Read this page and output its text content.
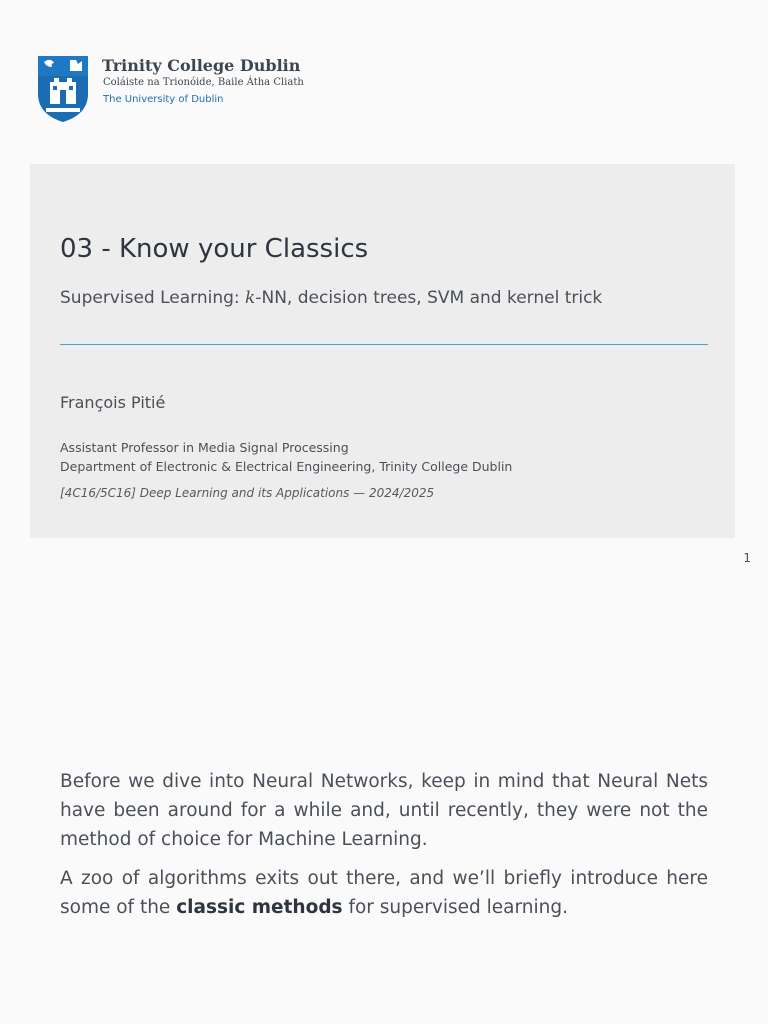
Trinity College Dublin
Coláiste na Trionóide, Baile Átha Cliath
The University of Dublin
03 - Know your Classics
Supervised Learning: k-NN, decision trees, SVM and kernel trick
François Pitié
Assistant Professor in Media Signal Processing
Department of Electronic & Electrical Engineering, Trinity College Dublin
[4C16/5C16] Deep Learning and its Applications — 2024/2025
1

Before we dive into Neural Networks, keep in mind that Neural Nets have been around for a while and, until recently, they were not the method of choice for Machine Learning.

A zoo of algorithms exits out there, and we’ll briefly introduce here some of the classic methods for supervised learning.
